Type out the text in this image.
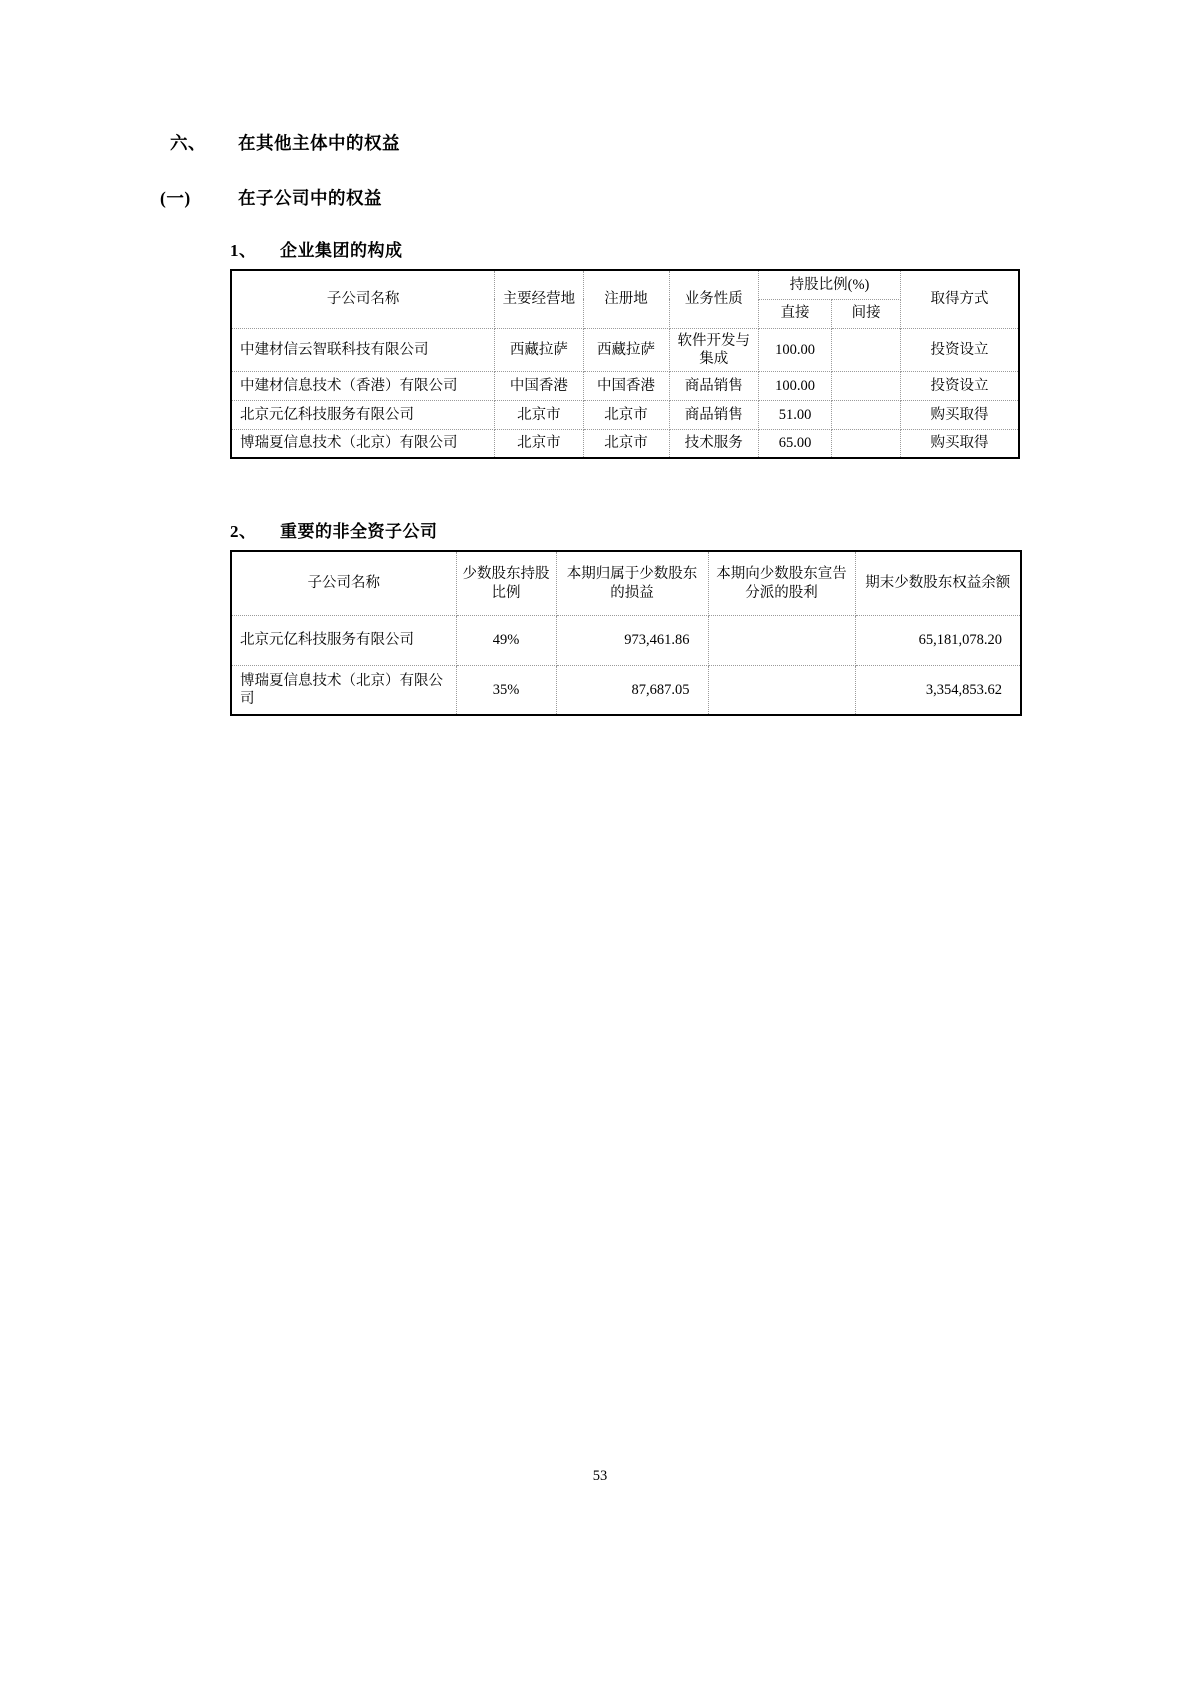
六、	在其他主体中的权益
(一)	在子公司中的权益
1、	企业集团的构成
子公司名称	主要经营地	注册地	业务性质	持股比例(%)		取得方式
				直接	间接	
中建材信云智联科技有限公司	西藏拉萨	西藏拉萨	软件开发与集成	100.00		投资设立
中建材信息技术（香港）有限公司	中国香港	中国香港	商品销售	100.00		投资设立
北京元亿科技服务有限公司	北京市	北京市	商品销售	51.00		购买取得
博瑞夏信息技术（北京）有限公司	北京市	北京市	技术服务	65.00		购买取得
2、	重要的非全资子公司
子公司名称	少数股东持股比例	本期归属于少数股东的损益	本期向少数股东宣告分派的股利	期末少数股东权益余额
北京元亿科技服务有限公司	49%	973,461.86		65,181,078.20
博瑞夏信息技术（北京）有限公司	35%	87,687.05		3,354,853.62
53
